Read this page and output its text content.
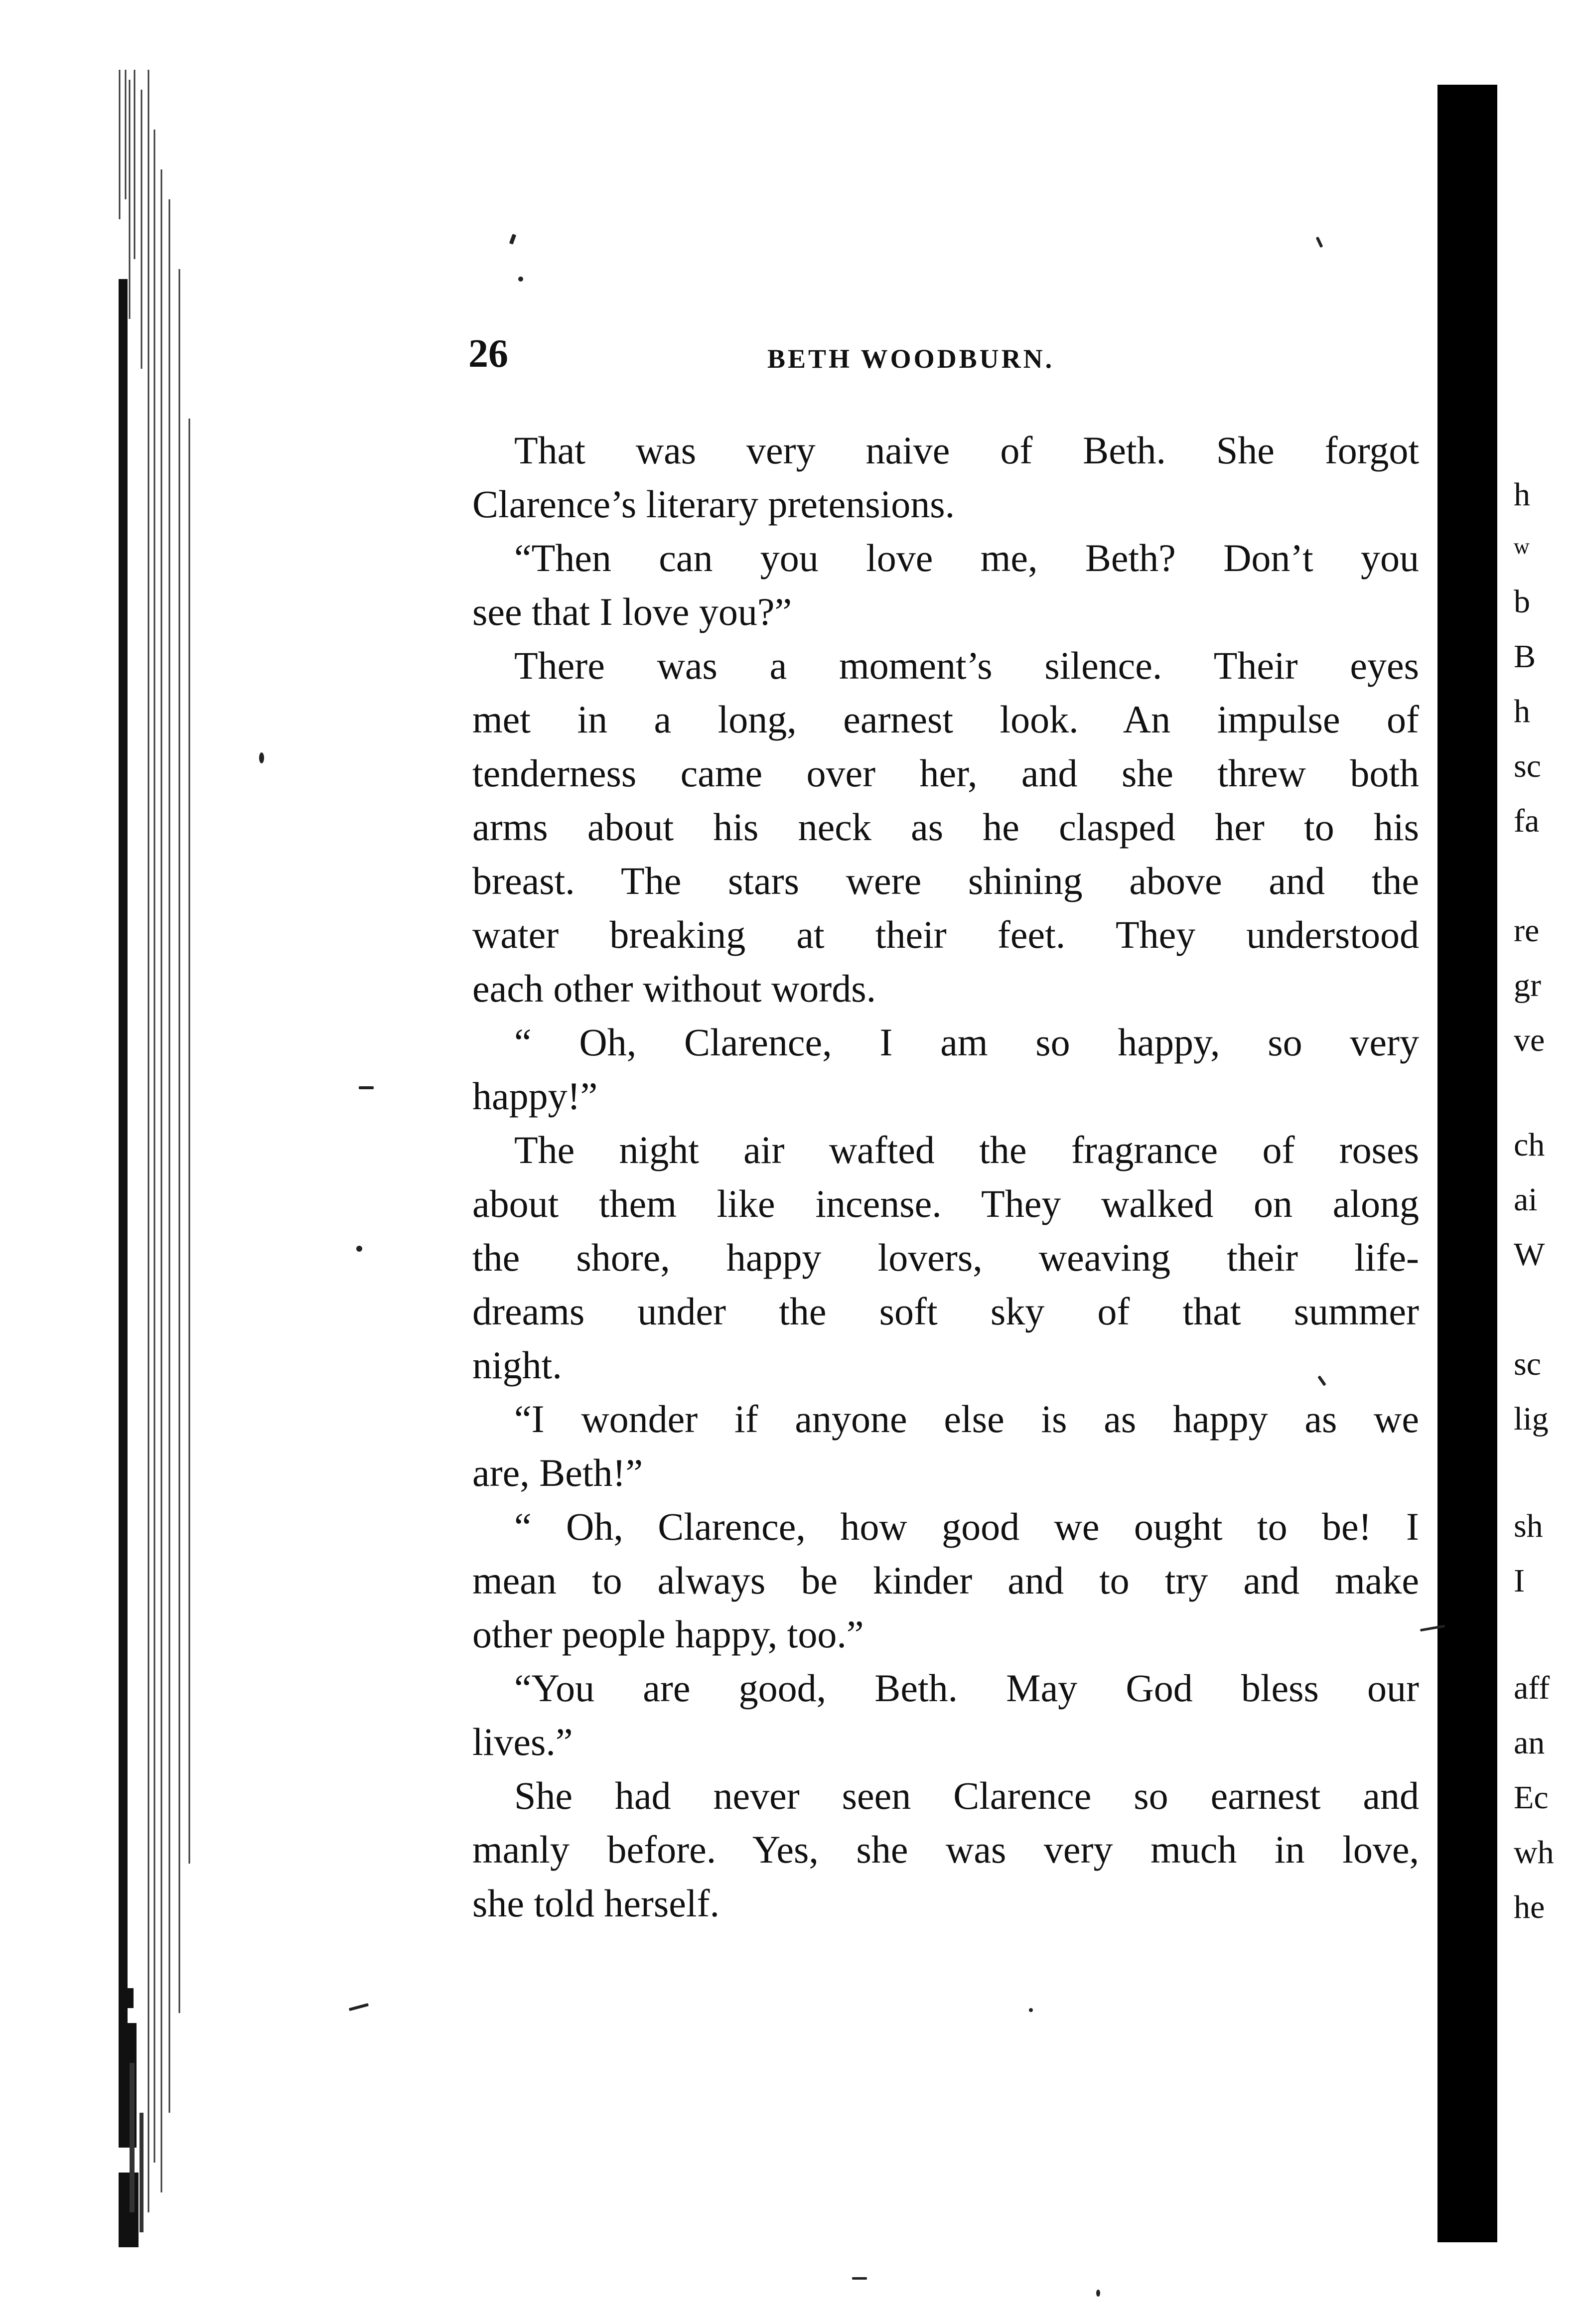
26	BETH WOODBURN.

That was very naive of Beth. She forgot
Clarence’s literary pretensions.

“Then can you love me, Beth? Don’t you
see that I love you?”

There was a moment’s silence. Their eyes
met in a long, earnest look. An impulse of
tenderness came over her, and she threw both
arms about his neck as he clasped her to his
breast. The stars were shining above and the
water breaking at their feet. They understood
each other without words.

“ Oh, Clarence, I am so happy, so very
happy!”

The night air wafted the fragrance of roses
about them like incense. They walked on along
the shore, happy lovers, weaving their life-
dreams under the soft sky of that summer
night.

“I wonder if anyone else is as happy as we
are, Beth!”

“ Oh, Clarence, how good we ought to be! I
mean to always be kinder and to try and make
other people happy, too.”

“You are good, Beth. May God bless our
lives.”

She had never seen Clarence so earnest and
manly before. Yes, she was very much in love,
she told herself.

h
w
b
B
h
sc
fa
re
gr
ve
ch
ai
W
sc
lig
sh
I
aff
an
Ec
wh
he
